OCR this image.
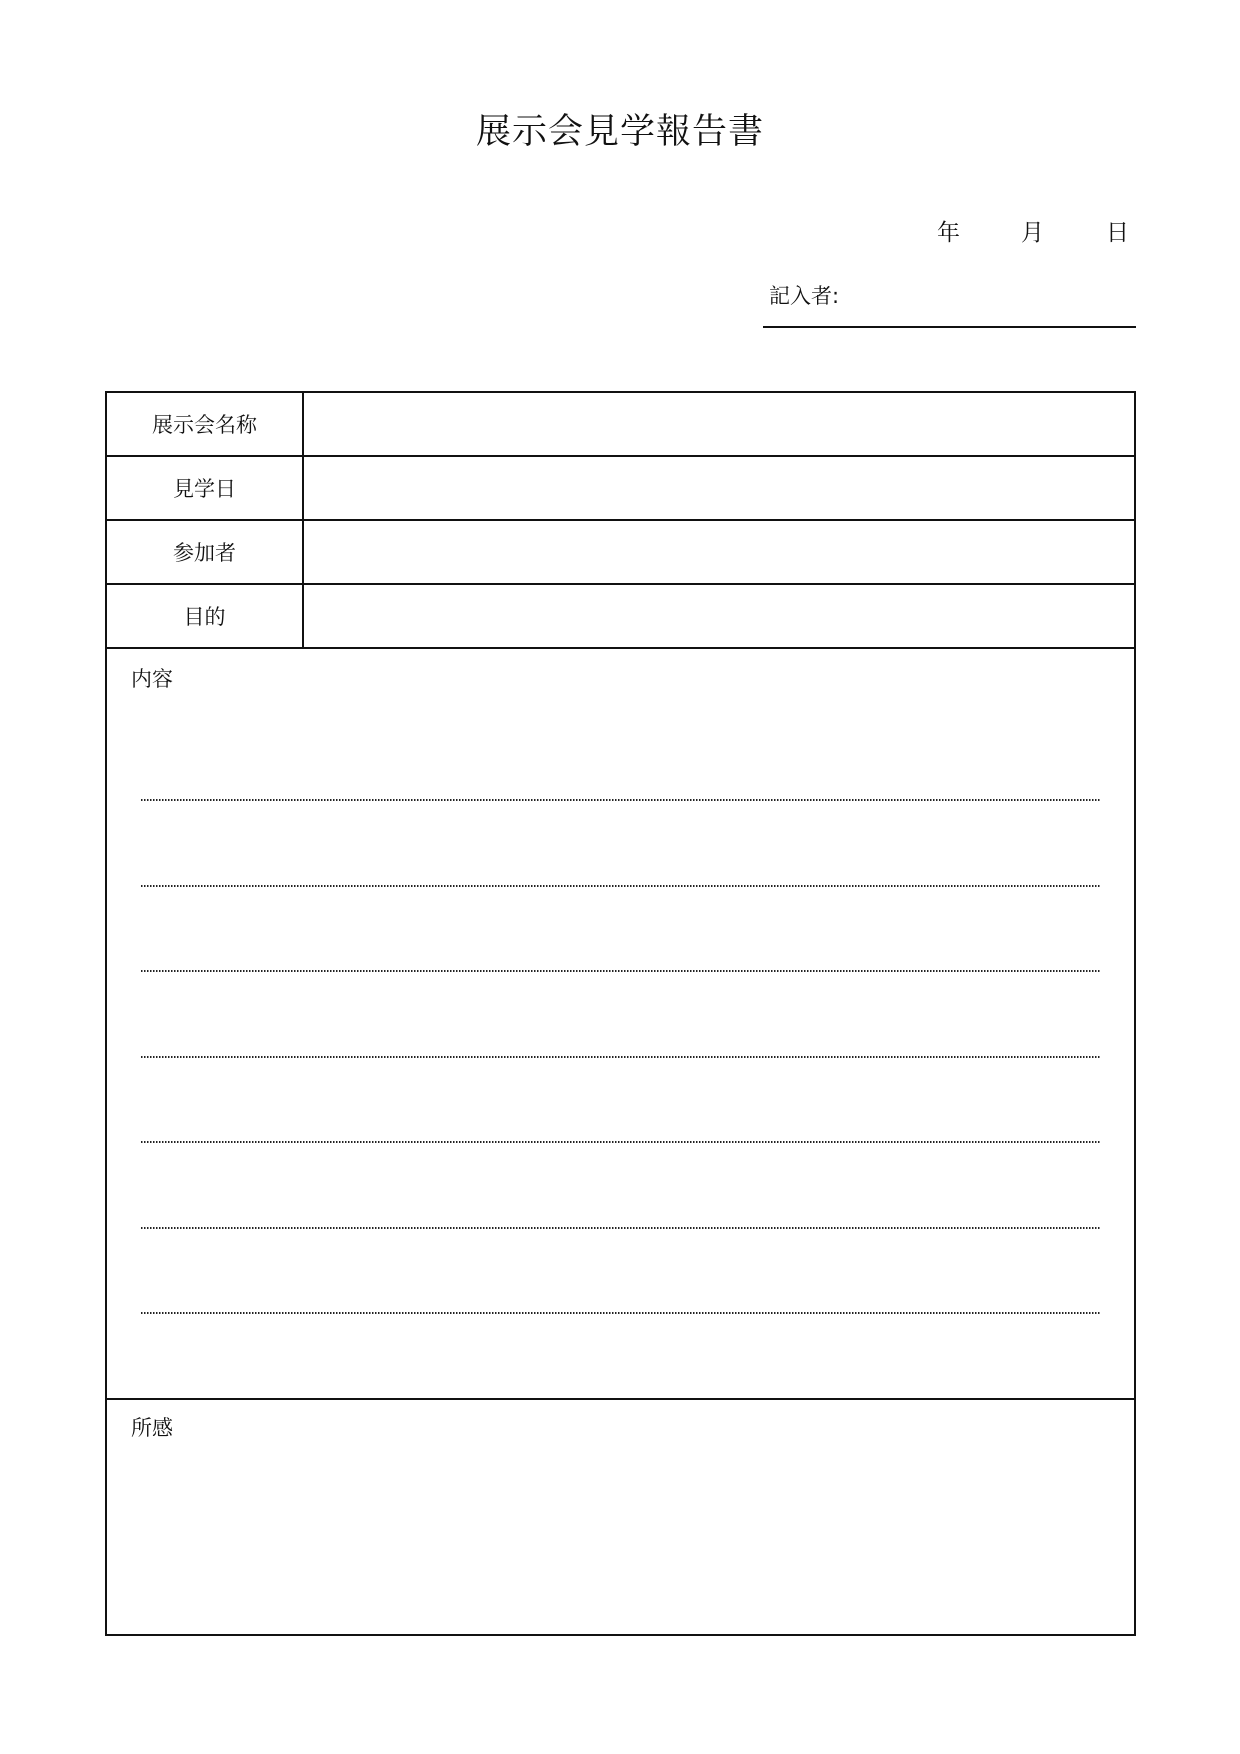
展示会見学報告書
年	月	日
記入者:
展示会名称
見学日
参加者
目的
内容
所感
